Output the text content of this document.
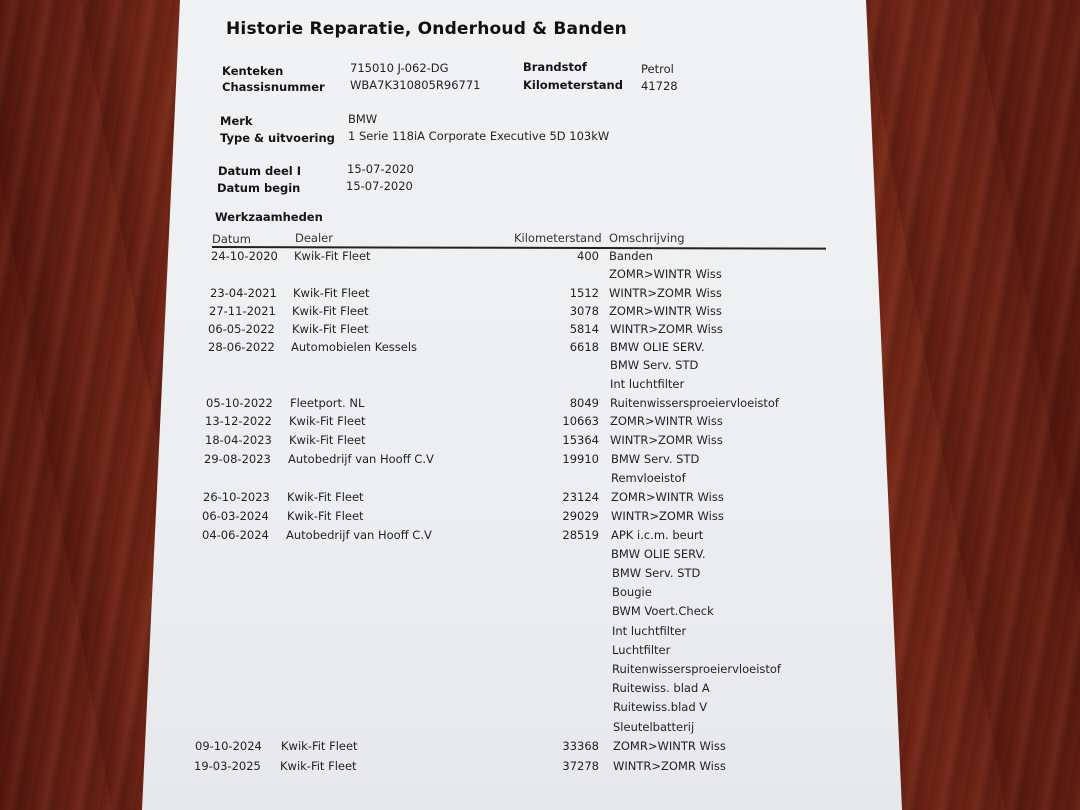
Historie Reparatie, Onderhoud & Banden
Kenteken	715010 J-062-DG
Chassisnummer WBA7K310805R96771
Brandstof	Petrol
Kilometerstand 41728
Merk	BMW
Type & uitvoering 1 Serie 118iA Corporate Executive 5D 103kW
Datum deel I	15-07-2020
Datum begin	15-07-2020
Werkzaamheden
Datum	Dealer	Kilometerstand Omschrijving
24-10-2020 Kwik-Fit Fleet	400 Banden
ZOMR>WINTR Wiss
23-04-2021 Kwik-Fit Fleet	1512 WINTR>ZOMR Wiss
27-11-2021 Kwik-Fit Fleet	3078 ZOMR>WINTR Wiss
06-05-2022 Kwik-Fit Fleet	5814 WINTR>ZOMR Wiss
28-06-2022 Automobielen Kessels	6618 BMW OLIE SERV.
BMW Serv. STD
Int luchtfilter
05-10-2022 Fleetport. NL	8049 Ruitenwissersproeiervloeistof
13-12-2022 Kwik-Fit Fleet	10663 ZOMR>WINTR Wiss
18-04-2023 Kwik-Fit Fleet	15364 WINTR>ZOMR Wiss
29-08-2023 Autobedrijf van Hooff C.V	19910 BMW Serv. STD
Remvloeistof
26-10-2023 Kwik-Fit Fleet	23124 ZOMR>WINTR Wiss
06-03-2024 Kwik-Fit Fleet	29029 WINTR>ZOMR Wiss
04-06-2024 Autobedrijf van Hooff C.V	28519 APK i.c.m. beurt
BMW OLIE SERV.
BMW Serv. STD
Bougie
BWM Voert.Check
Int luchtfilter
Luchtfilter
Ruitenwissersproeiervloeistof
Ruitewiss. blad A
Ruitewiss.blad V
Sleutelbatterij
09-10-2024 Kwik-Fit Fleet	33368 ZOMR>WINTR Wiss
19-03-2025 Kwik-Fit Fleet	37278 WINTR>ZOMR Wiss
